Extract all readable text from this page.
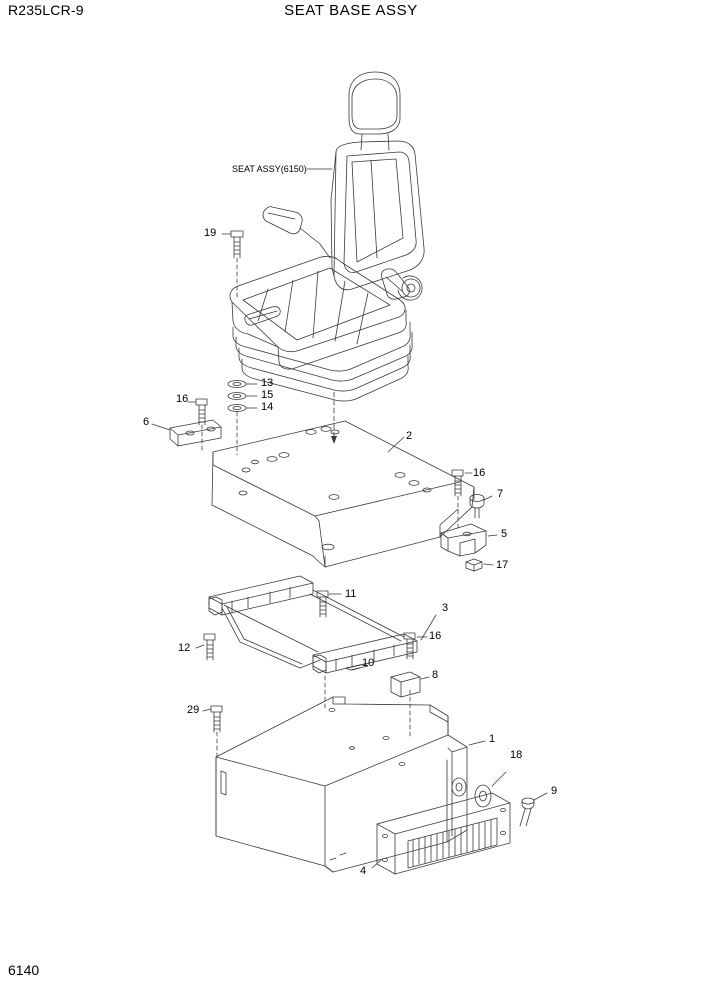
R235LCR-9	SEAT BASE ASSY
SEAT ASSY(6150)
19
13
15
14
16
6
2
16
7
5
17
11
3
16
12
10
8
29
1
18
9
4
6140
